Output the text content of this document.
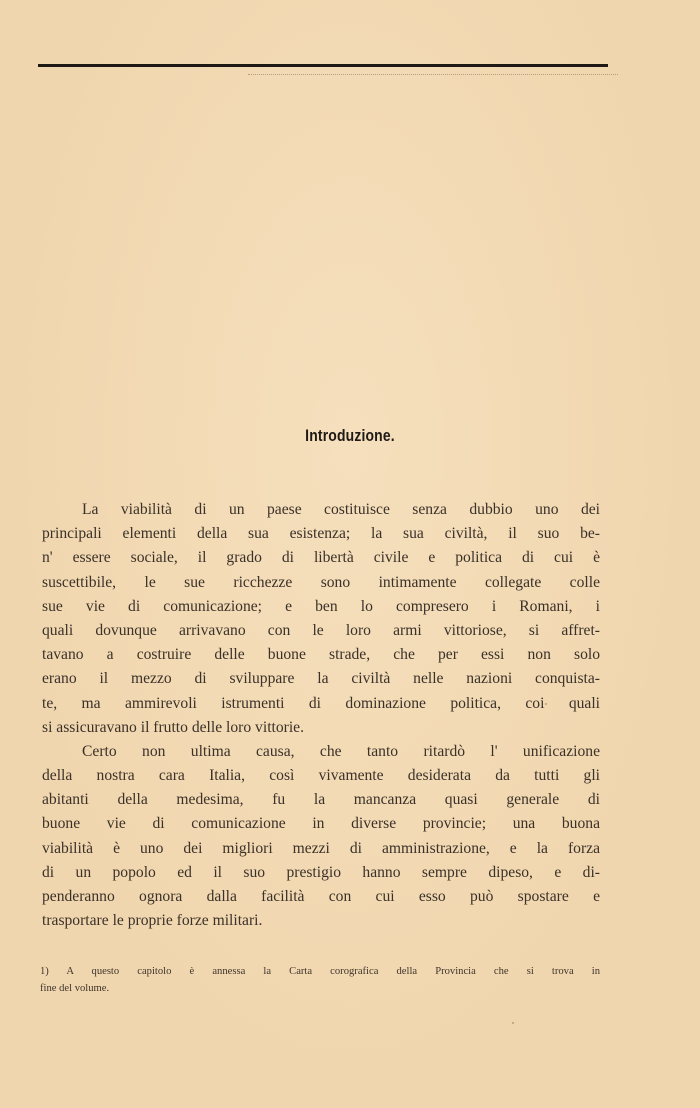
Introduzione.
La viabilità di un paese costituisce senza dubbio uno dei
principali elementi della sua esistenza; la sua civiltà, il suo be-
n' essere sociale, il grado di libertà civile e politica di cui è
suscettibile, le sue ricchezze sono intimamente collegate colle
sue vie di comunicazione; e ben lo compresero i Romani, i
quali dovunque arrivavano con le loro armi vittoriose, si affret-
tavano a costruire delle buone strade, che per essi non solo
erano il mezzo di sviluppare la civiltà nelle nazioni conquista-
te, ma ammirevoli istrumenti di dominazione politica, coi quali
si assicuravano il frutto delle loro vittorie.
Certo non ultima causa, che tanto ritardò l' unificazione
della nostra cara Italia, così vivamente desiderata da tutti gli
abitanti della medesima, fu la mancanza quasi generale di
buone vie di comunicazione in diverse provincie; una buona
viabilità è uno dei migliori mezzi di amministrazione, e la forza
di un popolo ed il suo prestigio hanno sempre dipeso, e di-
penderanno ognora dalla facilità con cui esso può spostare e
trasportare le proprie forze militari.
1) A questo capitolo è annessa la Carta corografica della Provincia che si trova in
fine del volume.
